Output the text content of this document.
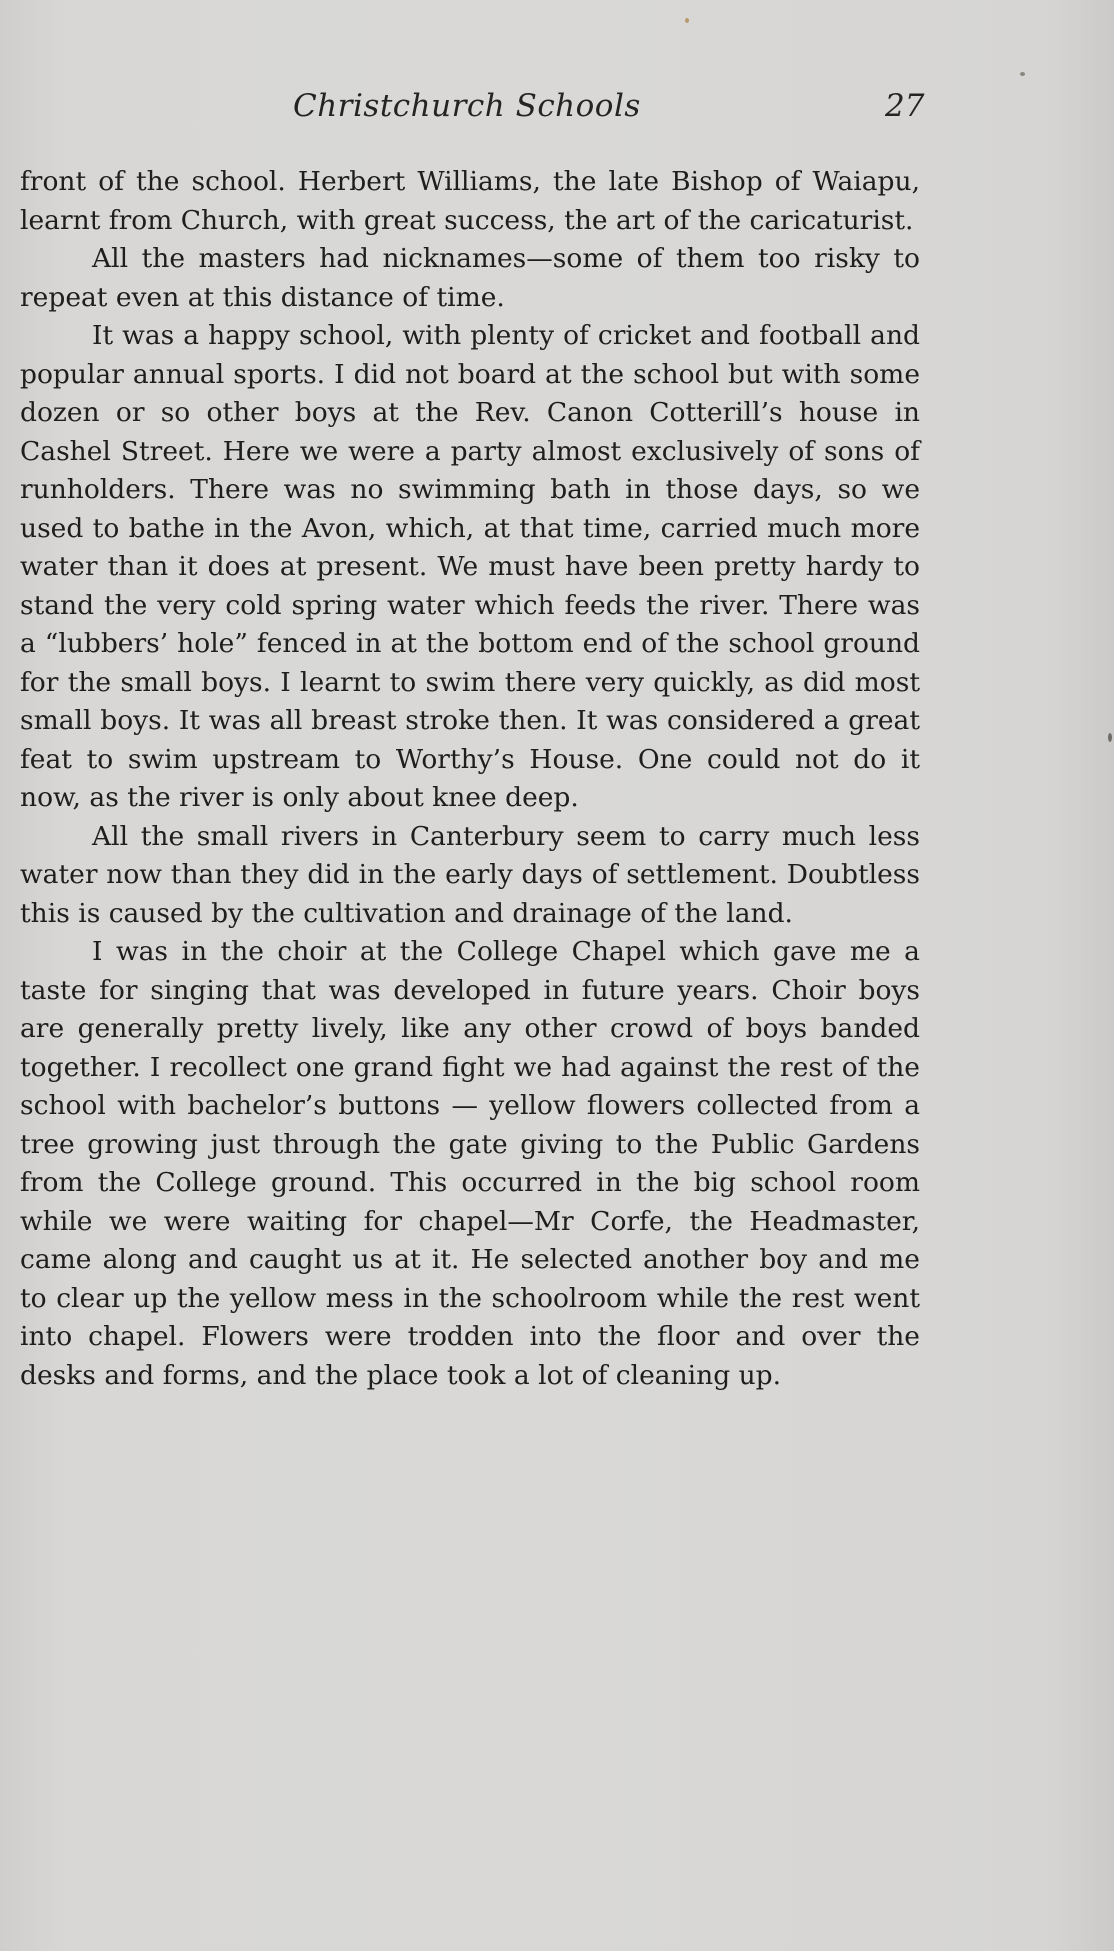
Christchurch Schools	27

front of the school. Herbert Williams, the late Bishop of Waiapu, learnt from Church, with great success, the art of the caricaturist.

All the masters had nicknames—some of them too risky to repeat even at this distance of time.

It was a happy school, with plenty of cricket and football and popular annual sports. I did not board at the school but with some dozen or so other boys at the Rev. Canon Cotterill’s house in Cashel Street. Here we were a party almost exclusively of sons of runholders. There was no swimming bath in those days, so we used to bathe in the Avon, which, at that time, carried much more water than it does at present. We must have been pretty hardy to stand the very cold spring water which feeds the river. There was a “lubbers’ hole” fenced in at the bottom end of the school ground for the small boys. I learnt to swim there very quickly, as did most small boys. It was all breast stroke then. It was considered a great feat to swim upstream to Worthy’s House. One could not do it now, as the river is only about knee deep.

All the small rivers in Canterbury seem to carry much less water now than they did in the early days of settlement. Doubtless this is caused by the cultivation and drainage of the land.

I was in the choir at the College Chapel which gave me a taste for singing that was developed in future years. Choir boys are generally pretty lively, like any other crowd of boys banded together. I recollect one grand fight we had against the rest of the school with bachelor’s buttons — yellow flowers collected from a tree growing just through the gate giving to the Public Gardens from the College ground. This occurred in the big school room while we were waiting for chapel—Mr Corfe, the Headmaster, came along and caught us at it. He selected another boy and me to clear up the yellow mess in the schoolroom while the rest went into chapel. Flowers were trodden into the floor and over the desks and forms, and the place took a lot of cleaning up.
